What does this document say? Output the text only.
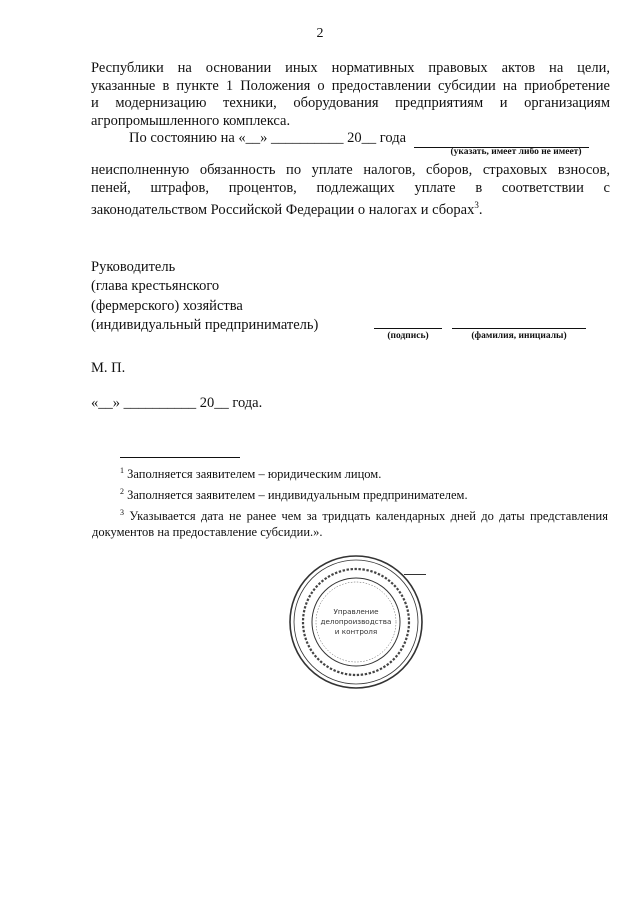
2
Республики на основании иных нормативных правовых актов на цели,
указанные в пункте 1 Положения о предоставлении субсидии на приобретение
и модернизацию техники, оборудования предприятиям и организациям
агропромышленного комплекса.
По состоянию на «__» __________ 20__ года
(указать, имеет либо не имеет)
неисполненную обязанность по уплате налогов, сборов, страховых взносов,
пеней, штрафов, процентов, подлежащих уплате в соответствии с
законодательством Российской Федерации о налогах и сборах$^3$.
Руководитель
(глава крестьянского
(фермерского) хозяйства
(индивидуальный предприниматель)
(подпись)	(фамилия, инициалы)
М. П.
«__» __________ 20__ года.
$^1$ Заполняется заявителем – юридическим лицом.
$^2$ Заполняется заявителем – индивидуальным предпринимателем.
$^3$ Указывается дата не ранее чем за тридцать календарных дней до даты представления документов на предоставление субсидии.».
Управление
делопроизводства
и контроля
